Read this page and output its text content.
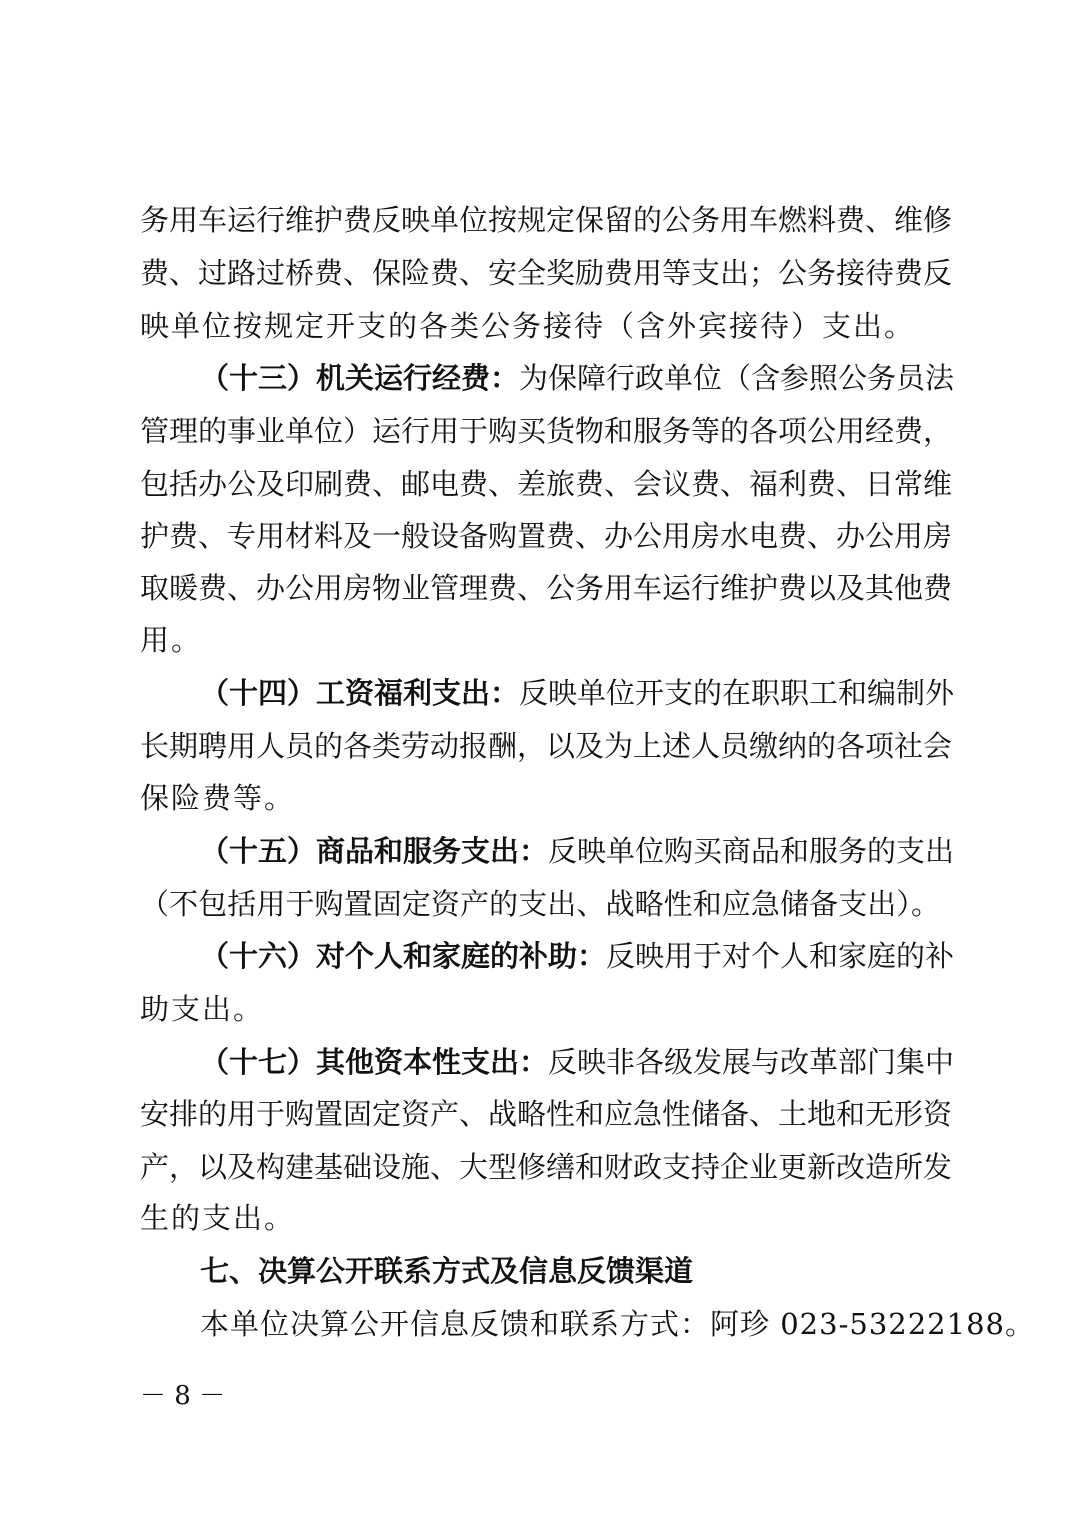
务用车运行维护费反映单位按规定保留的公务用车燃料费、维修
费、过路过桥费、保险费、安全奖励费用等支出；公务接待费反
映单位按规定开支的各类公务接待（含外宾接待）支出。
（十三）机关运行经费：为保障行政单位（含参照公务员法
管理的事业单位）运行用于购买货物和服务等的各项公用经费，
包括办公及印刷费、邮电费、差旅费、会议费、福利费、日常维
护费、专用材料及一般设备购置费、办公用房水电费、办公用房
取暖费、办公用房物业管理费、公务用车运行维护费以及其他费
用。
（十四）工资福利支出：反映单位开支的在职职工和编制外
长期聘用人员的各类劳动报酬，以及为上述人员缴纳的各项社会
保险费等。
（十五）商品和服务支出：反映单位购买商品和服务的支出
（不包括用于购置固定资产的支出、战略性和应急储备支出）。
（十六）对个人和家庭的补助：反映用于对个人和家庭的补
助支出。
（十七）其他资本性支出：反映非各级发展与改革部门集中
安排的用于购置固定资产、战略性和应急性储备、土地和无形资
产，以及构建基础设施、大型修缮和财政支持企业更新改造所发
生的支出。
七、决算公开联系方式及信息反馈渠道
本单位决算公开信息反馈和联系方式：阿珍 023-53222188。
－ 8 －
